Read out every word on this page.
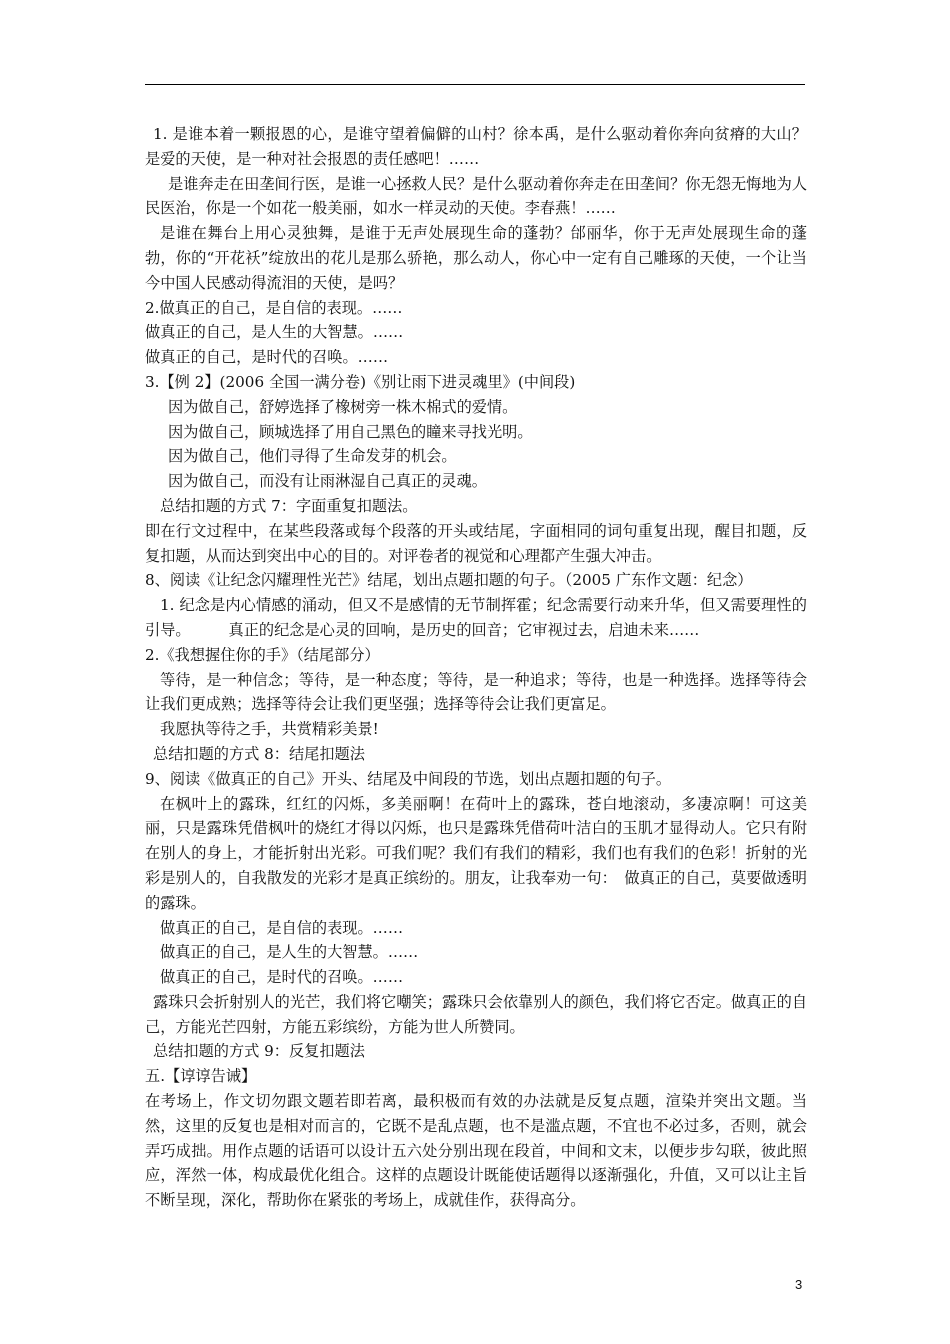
1. 是谁本着一颗报恩的心，是谁守望着偏僻的山村？徐本禹，是什么驱动着你奔向贫瘠的大山？是爱的天使，是一种对社会报恩的责任感吧！……

是谁奔走在田垄间行医，是谁一心拯救人民？是什么驱动着你奔走在田垄间？你无怨无悔地为人民医治，你是一个如花一般美丽，如水一样灵动的天使。李春燕！……

是谁在舞台上用心灵独舞，是谁于无声处展现生命的蓬勃？邰丽华，你于无声处展现生命的蓬勃，你的“开花袄”绽放出的花儿是那么骄艳，那么动人，你心中一定有自己雕琢的天使，一个让当今中国人民感动得流泪的天使，是吗？

2.做真正的自己，是自信的表现。……

做真正的自己，是人生的大智慧。……

做真正的自己，是时代的召唤。……

3.【例 2】(2006 全国一满分卷)《别让雨下进灵魂里》(中间段)

因为做自己，舒婷选择了橡树旁一株木棉式的爱情。

因为做自己，顾城选择了用自己黑色的瞳来寻找光明。

因为做自己，他们寻得了生命发芽的机会。

因为做自己，而没有让雨淋湿自己真正的灵魂。

总结扣题的方式 7：字面重复扣题法。

即在行文过程中，在某些段落或每个段落的开头或结尾，字面相同的词句重复出现，醒目扣题，反复扣题，从而达到突出中心的目的。对评卷者的视觉和心理都产生强大冲击。

8、阅读《让纪念闪耀理性光芒》结尾，划出点题扣题的句子。（2005 广东作文题：纪念）

1. 纪念是内心情感的涌动，但又不是感情的无节制挥霍；纪念需要行动来升华，但又需要理性的引导。　　　真正的纪念是心灵的回响，是历史的回音；它审视过去，启迪未来……

2.《我想握住你的手》（结尾部分）

等待，是一种信念；等待，是一种态度；等待，是一种追求；等待，也是一种选择。选择等待会让我们更成熟；选择等待会让我们更坚强；选择等待会让我们更富足。

我愿执等待之手，共赏精彩美景!

总结扣题的方式 8：结尾扣题法

9、阅读《做真正的自己》开头、结尾及中间段的节选，划出点题扣题的句子。

在枫叶上的露珠，红红的闪烁，多美丽啊！在荷叶上的露珠，苍白地滚动，多凄凉啊！可这美丽，只是露珠凭借枫叶的烧红才得以闪烁，也只是露珠凭借荷叶洁白的玉肌才显得动人。它只有附在别人的身上，才能折射出光彩。可我们呢？我们有我们的精彩，我们也有我们的色彩！折射的光彩是别人的，自我散发的光彩才是真正缤纷的。朋友，让我奉劝一句：　做真正的自己，莫要做透明的露珠。

做真正的自己，是自信的表现。……

做真正的自己，是人生的大智慧。……

做真正的自己，是时代的召唤。……

露珠只会折射别人的光芒，我们将它嘲笑；露珠只会依靠别人的颜色，我们将它否定。做真正的自己，方能光芒四射，方能五彩缤纷，方能为世人所赞同。

总结扣题的方式 9：反复扣题法

五.【谆谆告诫】

在考场上，作文切勿跟文题若即若离，最积极而有效的办法就是反复点题，渲染并突出文题。当然，这里的反复也是相对而言的，它既不是乱点题，也不是滥点题，不宜也不必过多，否则，就会弄巧成拙。用作点题的话语可以设计五六处分别出现在段首，中间和文末，以便步步勾联，彼此照应，浑然一体，构成最优化组合。这样的点题设计既能使话题得以逐渐强化，升值，又可以让主旨不断呈现，深化，帮助你在紧张的考场上，成就佳作，获得高分。

3
